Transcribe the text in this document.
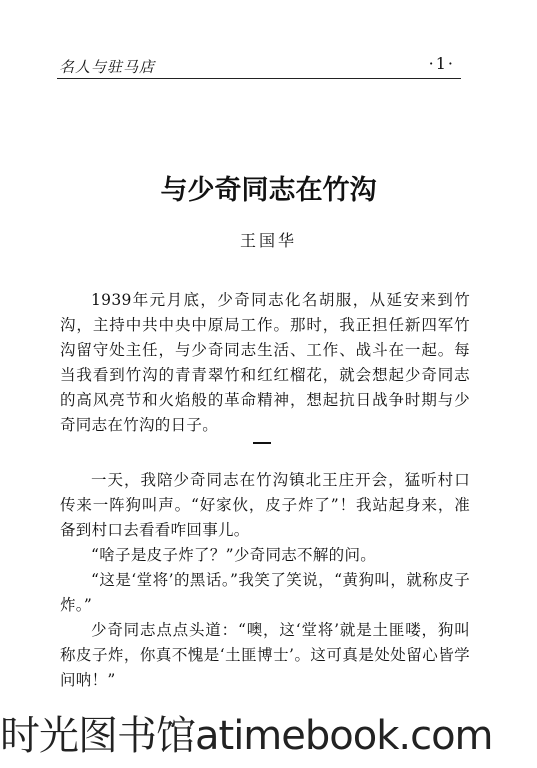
名人与驻马店	·1·
与少奇同志在竹沟
王国华

1939年元月底，少奇同志化名胡服，从延安来到竹沟，主持中共中央中原局工作。那时，我正担任新四军竹沟留守处主任，与少奇同志生活、工作、战斗在一起。每当我看到竹沟的青青翠竹和红红榴花，就会想起少奇同志的高风亮节和火焰般的革命精神，想起抗日战争时期与少奇同志在竹沟的日子。

一天，我陪少奇同志在竹沟镇北王庄开会，猛听村口传来一阵狗叫声。“好家伙，皮子炸了”！我站起身来，准备到村口去看看咋回事儿。

“啥子是皮子炸了？”少奇同志不解的问。

“这是‘堂将’的黑话。”我笑了笑说，“黄狗叫，就称皮子炸。”

少奇同志点点头道：“噢，这‘堂将’就是土匪喽，狗叫称皮子炸，你真不愧是‘土匪博士’。这可真是处处留心皆学问呐！”

时光图书馆atimebook.com
